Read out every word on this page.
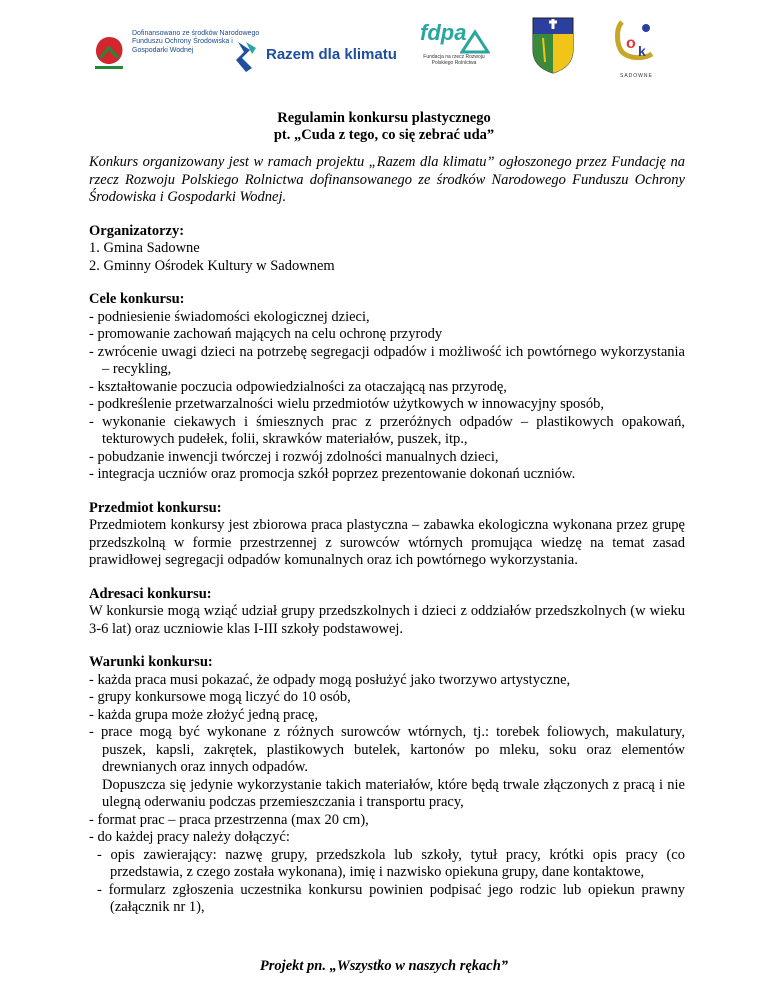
Dofinansowano ze środków Narodowego Funduszu Ochrony Środowiska i Gospodarki Wodnej	Razem dla klimatu
fdpa
Fundacja na rzecz Rozwoju Polskiego Rolnictwa
o k
SADOWNE
Regulamin konkursu plastycznego
pt. „Cuda z tego, co się zebrać uda”

Konkurs organizowany jest w ramach projektu „Razem dla klimatu” ogłoszonego przez Fundację na rzecz Rozwoju Polskiego Rolnictwa dofinansowanego ze środków Narodowego Funduszu Ochrony Środowiska i Gospodarki Wodnej.

Organizatorzy:

1. Gmina Sadowne

2. Gminny Ośrodek Kultury w Sadownem

Cele konkursu:

- podniesienie świadomości ekologicznej dzieci,
- promowanie zachowań mających na celu ochronę przyrody
- zwrócenie uwagi dzieci na potrzebę segregacji odpadów i możliwość ich powtórnego wykorzystania – recykling,
- kształtowanie poczucia odpowiedzialności za otaczającą nas przyrodę,
- podkreślenie przetwarzalności wielu przedmiotów użytkowych w innowacyjny sposób,
- wykonanie ciekawych i śmiesznych prac z przeróżnych odpadów – plastikowych opakowań, tekturowych pudełek, folii, skrawków materiałów, puszek, itp.,
- pobudzanie inwencji twórczej i rozwój zdolności manualnych dzieci,
- integracja uczniów oraz promocja szkół poprzez prezentowanie dokonań uczniów.

Przedmiot konkursu:

Przedmiotem konkursy jest zbiorowa praca plastyczna – zabawka ekologiczna wykonana przez grupę przedszkolną w formie przestrzennej z surowców wtórnych promująca wiedzę na temat zasad prawidłowej segregacji odpadów komunalnych oraz ich powtórnego wykorzystania.

Adresaci konkursu:

W konkursie mogą wziąć udział grupy przedszkolnych i dzieci z oddziałów przedszkolnych (w wieku 3-6 lat) oraz uczniowie klas I-III szkoły podstawowej.

Warunki konkursu:

- każda praca musi pokazać, że odpady mogą posłużyć jako tworzywo artystyczne,
- grupy konkursowe mogą liczyć do 10 osób,
- każda grupa może złożyć jedną pracę,
- prace mogą być wykonane z różnych surowców wtórnych, tj.: torebek foliowych, makulatury, puszek, kapsli, zakrętek, plastikowych butelek, kartonów po mleku, soku oraz elementów drewnianych oraz innych odpadów.

Dopuszcza się jedynie wykorzystanie takich materiałów, które będą trwale złączonych z pracą i nie ulegną oderwaniu podczas przemieszczania i transportu pracy,

- format prac – praca przestrzenna (max 20 cm),
- do każdej pracy należy dołączyć:
- opis zawierający: nazwę grupy, przedszkola lub szkoły, tytuł pracy, krótki opis pracy (co przedstawia, z czego została wykonana), imię i nazwisko opiekuna grupy, dane kontaktowe,
- formularz zgłoszenia uczestnika konkursu powinien podpisać jego rodzic lub opiekun prawny (załącznik nr 1),
Projekt pn. „Wszystko w naszych rękach”
